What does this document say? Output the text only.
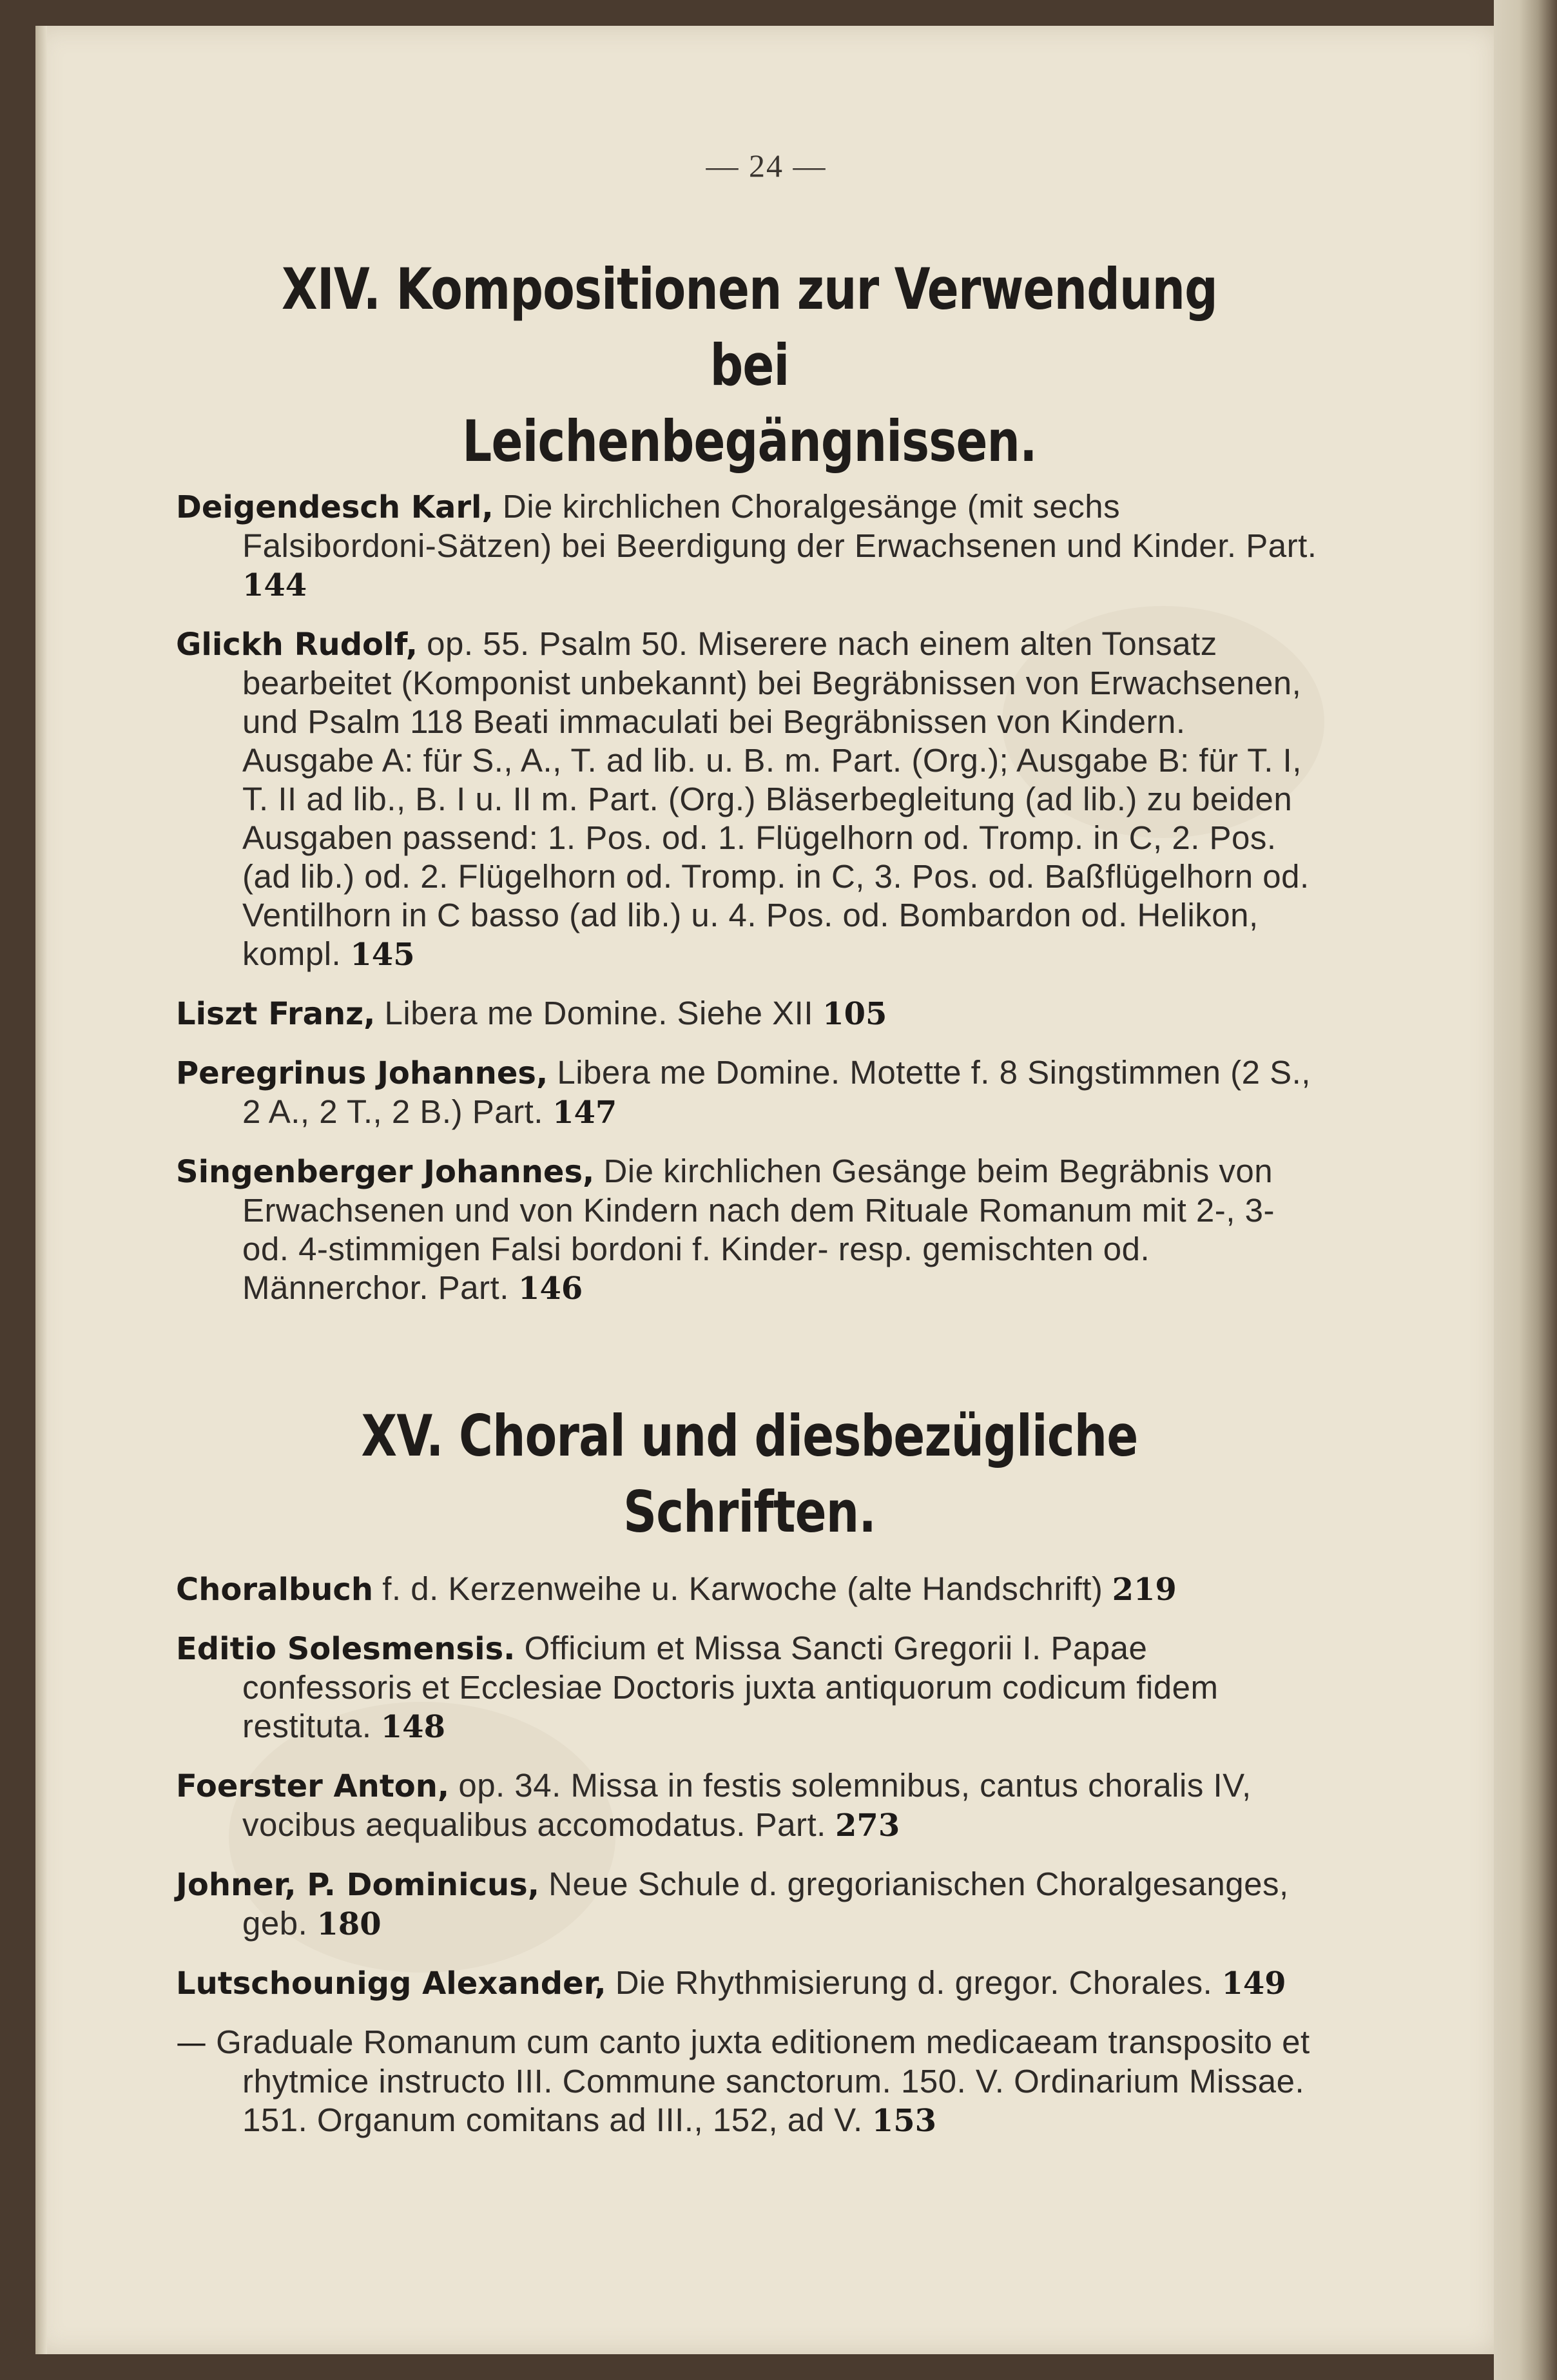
— 24 —

XIV. Kompositionen zur Verwendung bei

Leichenbegängnissen.

Deigendesch Karl, Die kirchlichen Choralgesänge (mit sechs Falsibordoni-Sätzen) bei Beerdigung der Erwachsenen und Kinder. Part. 144

Glickh Rudolf, op. 55. Psalm 50. Miserere nach einem alten Tonsatz bearbeitet (Komponist unbekannt) bei Begräbnissen von Erwachsenen, und Psalm 118 Beati immaculati bei Begräbnissen von Kindern. Ausgabe A: für S., A., T. ad lib. u. B. m. Part. (Org.); Ausgabe B: für T. I, T. II ad lib., B. I u. II m. Part. (Org.) Bläserbegleitung (ad lib.) zu beiden Ausgaben passend: 1. Pos. od. 1. Flügelhorn od. Tromp. in C, 2. Pos. (ad lib.) od. 2. Flügelhorn od. Tromp. in C, 3. Pos. od. Baßflügelhorn od. Ventilhorn in C basso (ad lib.) u. 4. Pos. od. Bombardon od. Helikon, kompl. 145

Liszt Franz, Libera me Domine. Siehe XII 105

Peregrinus Johannes, Libera me Domine. Motette f. 8 Singstimmen (2 S., 2 A., 2 T., 2 B.) Part. 147

Singenberger Johannes, Die kirchlichen Gesänge beim Begräbnis von Erwachsenen und von Kindern nach dem Rituale Romanum mit 2-, 3- od. 4-stimmigen Falsi bordoni f. Kinder- resp. gemischten od. Männerchor. Part. 146

XV. Choral und diesbezügliche Schriften.

Choralbuch f. d. Kerzenweihe u. Karwoche (alte Handschrift) 219

Editio Solesmensis. Officium et Missa Sancti Gregorii I. Papae confessoris et Ecclesiae Doctoris juxta antiquorum codicum fidem restituta. 148

Foerster Anton, op. 34. Missa in festis solemnibus, cantus choralis IV, vocibus aequalibus accomodatus. Part. 273

Johner, P. Dominicus, Neue Schule d. gregorianischen Choralgesanges, geb. 180

Lutschounigg Alexander, Die Rhythmisierung d. gregor. Chorales. 149

— Graduale Romanum cum canto juxta editionem medicaeam transposito et rhytmice instructo III. Commune sanctorum. 150. V. Ordinarium Missae. 151. Organum comitans ad III., 152, ad V. 153
